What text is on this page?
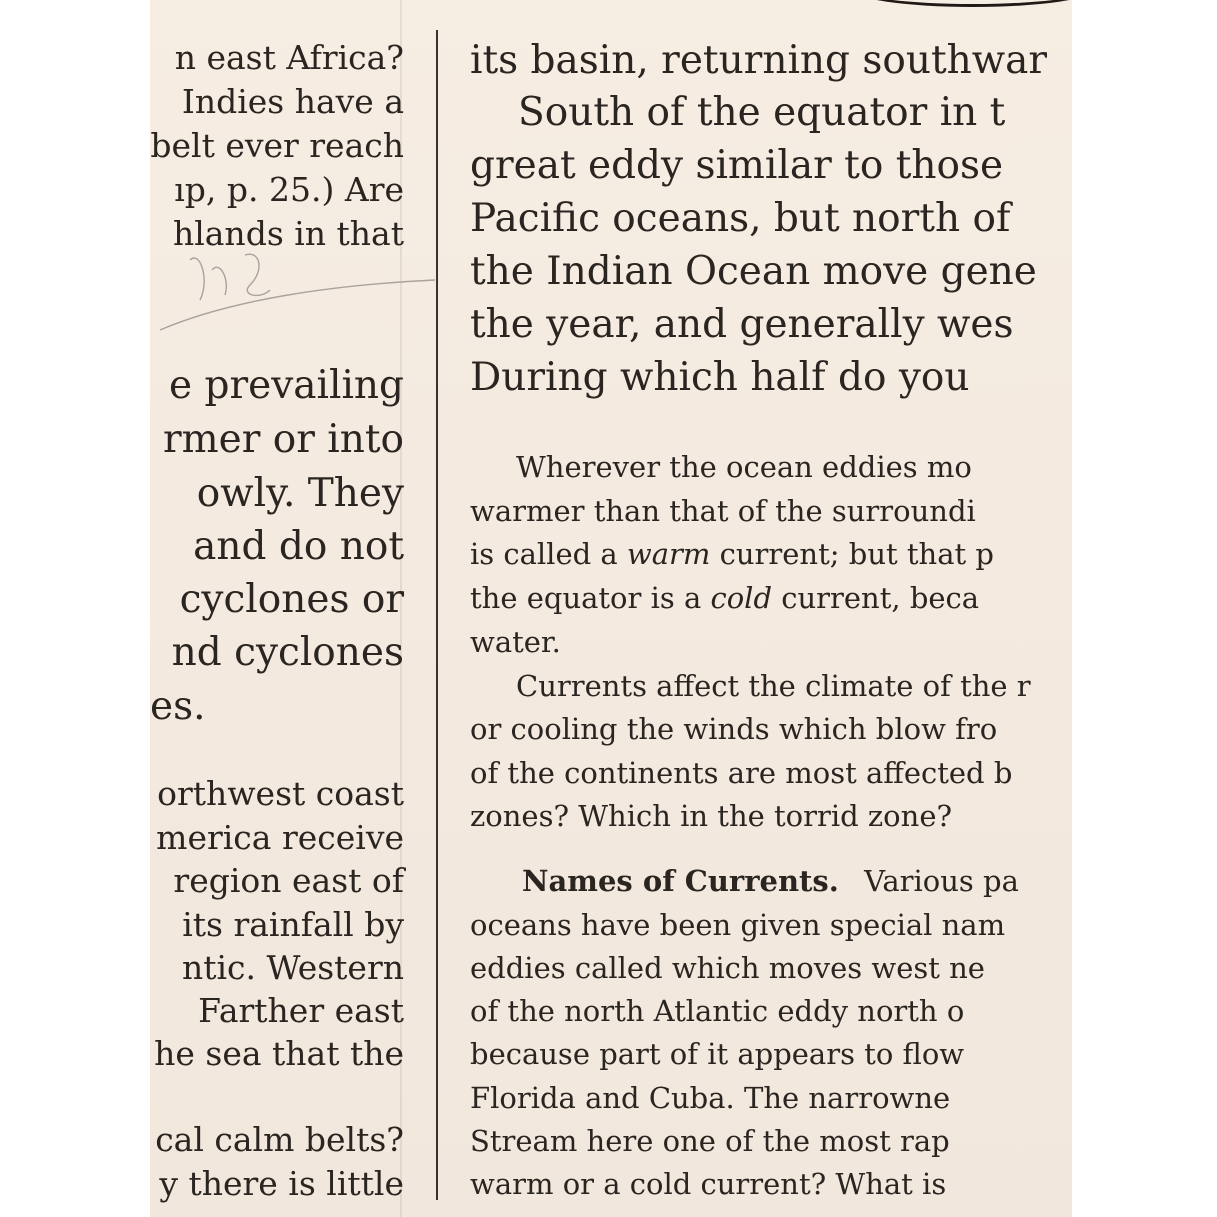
n east Africa?
Indies have a
belt ever reach
ıp, p. 25.) Are
hlands in that
e prevailing
rmer or into
owly. They
and do not
cyclones or
nd cyclones
es.
orthwest coast
merica receive
region east of
its rainfall by
ntic. Western
Farther east
he sea that the
cal calm belts?
y there is little
its basin, returning southwar
South of the equator in t
great eddy similar to those
Pacific oceans, but north of
the Indian Ocean move gene
the year, and generally wes
During which half do you
Wherever the ocean eddies mo
warmer than that of the surroundi
is called a warm current; but that p
the equator is a cold current, beca
water.
Currents affect the climate of the r
or cooling the winds which blow fro
of the continents are most affected b
zones? Which in the torrid zone?
Names of Currents. Various pa
oceans have been given special nam
eddies called which moves west ne
of the north Atlantic eddy north o
because part of it appears to flow
Florida and Cuba. The narrowne
Stream here one of the most rap
warm or a cold current? What is
